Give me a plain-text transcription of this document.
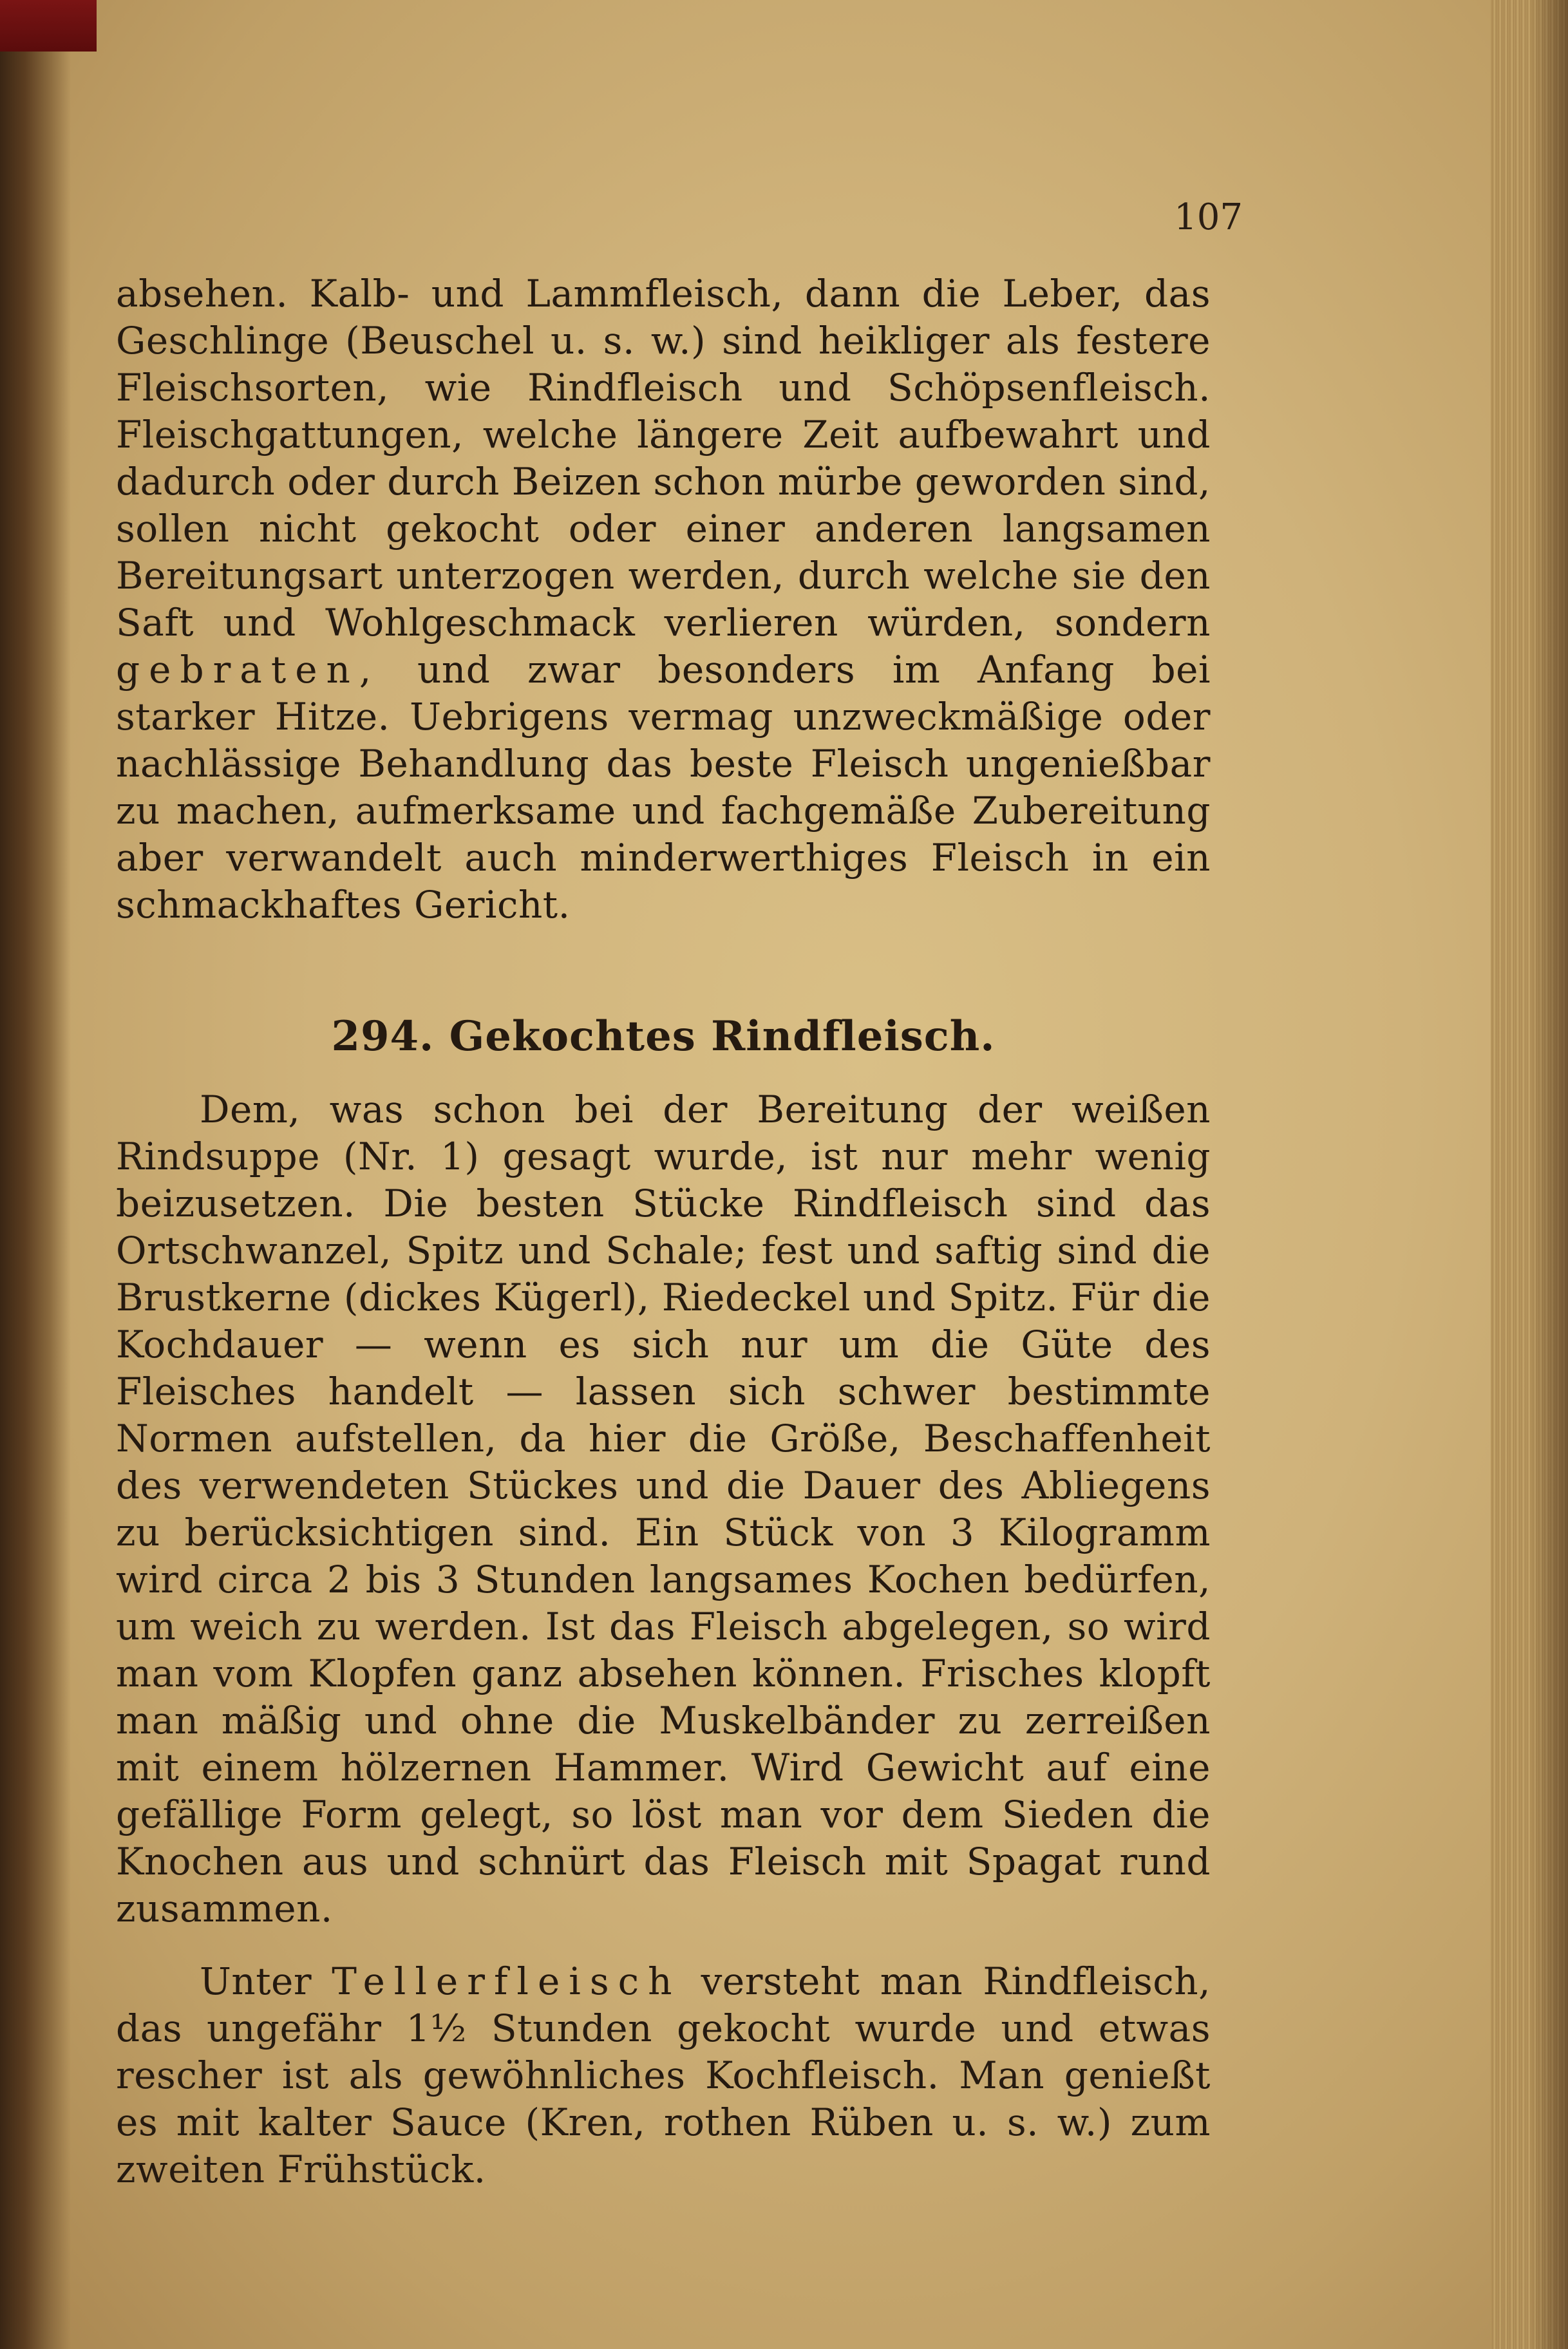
107

absehen. Kalb- und Lammfleisch, dann die Leber, das Geschlinge (Beuschel u. s. w.) sind heikliger als festere Fleischsorten, wie Rindfleisch und Schöpsenfleisch. Fleischgattungen, welche längere Zeit aufbewahrt und dadurch oder durch Beizen schon mürbe geworden sind, sollen nicht gekocht oder einer anderen langsamen Bereitungsart unterzogen werden, durch welche sie den Saft und Wohlgeschmack verlieren würden, sondern gebraten, und zwar besonders im Anfang bei starker Hitze. Uebrigens vermag unzweckmäßige oder nachlässige Behandlung das beste Fleisch ungenießbar zu machen, aufmerksame und fachgemäße Zubereitung aber verwandelt auch minderwerthiges Fleisch in ein schmackhaftes Gericht.

294. Gekochtes Rindfleisch.

Dem, was schon bei der Bereitung der weißen Rindsuppe (Nr. 1) gesagt wurde, ist nur mehr wenig beizusetzen. Die besten Stücke Rindfleisch sind das Ortschwanzel, Spitz und Schale; fest und saftig sind die Brustkerne (dickes Kügerl), Riedeckel und Spitz. Für die Kochdauer — wenn es sich nur um die Güte des Fleisches handelt — lassen sich schwer bestimmte Normen aufstellen, da hier die Größe, Beschaffenheit des verwendeten Stückes und die Dauer des Abliegens zu berücksichtigen sind. Ein Stück von 3 Kilogramm wird circa 2 bis 3 Stunden langsames Kochen bedürfen, um weich zu werden. Ist das Fleisch abgelegen, so wird man vom Klopfen ganz absehen können. Frisches klopft man mäßig und ohne die Muskelbänder zu zerreißen mit einem hölzernen Hammer. Wird Gewicht auf eine gefällige Form gelegt, so löst man vor dem Sieden die Knochen aus und schnürt das Fleisch mit Spagat rund zusammen.

Unter Tellerfleisch versteht man Rindfleisch, das ungefähr 1½ Stunden gekocht wurde und etwas rescher ist als gewöhnliches Kochfleisch. Man genießt es mit kalter Sauce (Kren, rothen Rüben u. s. w.) zum zweiten Frühstück.
